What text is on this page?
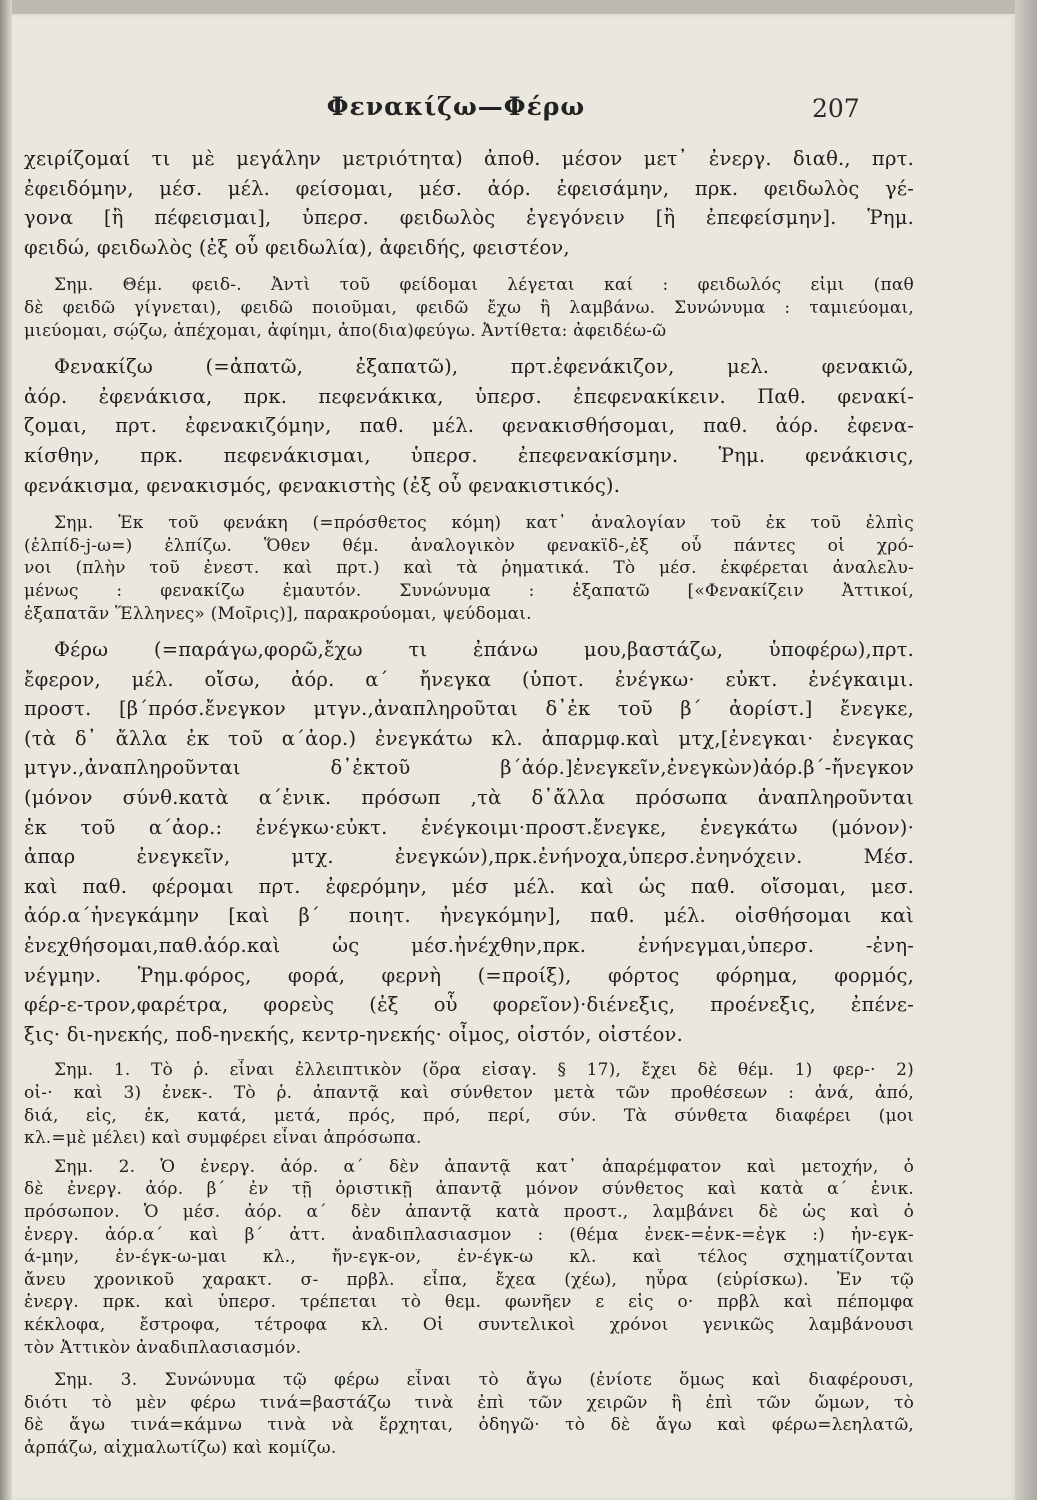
Φενακίζω—Φέρω	207
χειρίζομαί τι μὲ μεγάλην μετριότητα) ἀποθ. μέσον μετ᾽ ἐνεργ. διαθ., πρτ.
ἐφειδόμην, μέσ. μέλ. φείσομαι, μέσ. ἀόρ. ἐφεισάμην, πρκ. φειδωλὸς γέ-
γονα [ἢ πέφεισμαι], ὑπερσ. φειδωλὸς ἐγεγόνειν [ἢ ἐπεφείσμην]. Ῥημ.
φειδώ, φειδωλὸς (ἐξ οὗ φειδωλία), ἀφειδής, φειστέον,
Σημ. Θέμ. φειδ-. Ἀντὶ τοῦ φείδομαι λέγεται καί : φειδωλός εἰμι (παθ
δὲ φειδῶ γίγνεται), φειδῶ ποιοῦμαι, φειδῶ ἔχω ἢ λαμβάνω. Συνώνυμα : ταμιεύομαι,
μιεύομαι, σῴζω, ἀπέχομαι, ἀφίημι, ἀπο(δια)φεύγω. Ἀντίθετα: ἀφειδέω-ῶ
Φενακίζω (=ἀπατῶ, ἐξαπατῶ), πρτ.ἐφενάκιζον, μελ. φενακιῶ,
ἀόρ. ἐφενάκισα, πρκ. πεφενάκικα, ὑπερσ. ἐπεφενακίκειν. Παθ. φενακί-
ζομαι, πρτ. ἐφενακιζόμην, παθ. μέλ. φενακισθήσομαι, παθ. ἀόρ. ἐφενα-
κίσθην, πρκ. πεφενάκισμαι, ὑπερσ. ἐπεφενακίσμην. Ῥημ. φενάκισις,
φενάκισμα, φενακισμός, φενακιστὴς (ἐξ οὗ φενακιστικός).
Σημ. Ἐκ τοῦ φενάκη (=πρόσθετος κόμη) κατ᾽ ἀναλογίαν τοῦ ἐκ τοῦ ἐλπὶς
(ἐλπίδ-j-ω=) ἐλπίζω. Ὅθεν θέμ. ἀναλογικὸν φενακϊδ-,ἐξ οὗ πάντες οἱ χρό-
νοι (πλὴν τοῦ ἐνεστ. καὶ πρτ.) καὶ τὰ ῥηματικά. Τὸ μέσ. ἐκφέρεται ἀναλελυ-
μένως : φενακίζω ἐμαυτόν. Συνώνυμα : ἐξαπατῶ [«Φενακίζειν Ἀττικοί,
ἐξαπατᾶν Ἕλληνες» (Μοῖρις)], παρακρούομαι, ψεύδομαι.
Φέρω (=παράγω,φορῶ,ἔχω τι ἐπάνω μου,βαστάζω, ὑποφέρω),πρτ.
ἔφερον, μέλ. οἴσω, ἀόρ. α´ ἤνεγκα (ὑποτ. ἐνέγκω· εὐκτ. ἐνέγκαιμι.
προστ. [β´πρόσ.ἔνεγκον μτγν.,ἀναπληροῦται δ᾽ἐκ τοῦ β´ ἀορίστ.] ἔνεγκε,
(τὰ δ᾽ ἄλλα ἐκ τοῦ α´ἀορ.) ἐνεγκάτω κλ. ἀπαρμφ.καὶ μτχ,[ἐνεγκαι· ἐνεγκας
μτγν.,ἀναπληροῦνται δ᾽ἐκτοῦ β´ἀόρ.]ἐνεγκεῖν,ἐνεγκὼν)ἀόρ.β´-ἤνεγκον
(μόνον σύνθ.κατὰ α´ἑνικ. πρόσωπ ,τὰ δ᾽ἄλλα πρόσωπα ἀναπληροῦνται
ἐκ τοῦ α´ἀορ.: ἐνέγκω·εὐκτ. ἐνέγκοιμι·προστ.ἔνεγκε, ἐνεγκάτω (μόνον)·
ἀπαρ ἐνεγκεῖν, μτχ. ἐνεγκών),πρκ.ἐνήνοχα,ὑπερσ.ἐνηνόχειν. Μέσ.
καὶ παθ. φέρομαι πρτ. ἐφερόμην, μέσ μέλ. καὶ ὡς παθ. οἴσομαι, μεσ.
ἀόρ.α´ἠνεγκάμην [καὶ β´ ποιητ. ἠνεγκόμην], παθ. μέλ. οἰσθήσομαι καὶ
ἐνεχθήσομαι,παθ.ἀόρ.καὶ ὡς μέσ.ἠνέχθην,πρκ. ἐνήνεγμαι,ὑπερσ. -ἐνη-
νέγμην. Ῥημ.φόρος, φορά, φερνὴ (=προίξ), φόρτος φόρημα, φορμός,
φέρ-ε-τρον,φαρέτρα, φορεὺς (ἐξ οὗ φορεῖον)·διένεξις, προένεξις, ἐπένε-
ξις· δι-ηνεκής, ποδ-ηνεκής, κεντρ-ηνεκής· οἶμος, οἰστόν, οἰστέον.
Σημ. 1. Τὸ ῥ. εἶναι ἐλλειπτικὸν (ὅρα εἰσαγ. § 17), ἔχει δὲ θέμ. 1) φερ-· 2)
οἰ-· καὶ 3) ἐνεκ-. Τὸ ῥ. ἀπαντᾷ καὶ σύνθετον μετὰ τῶν προθέσεων : ἀνά, ἀπό,
διά, εἰς, ἐκ, κατά, μετά, πρός, πρό, περί, σύν. Τὰ σύνθετα διαφέρει (μοι
κλ.=μὲ μέλει) καὶ συμφέρει εἶναι ἀπρόσωπα.
Σημ. 2. Ὁ ἐνεργ. ἀόρ. α´ δὲν ἀπαντᾷ κατ᾽ ἀπαρέμφατον καὶ μετοχήν, ὁ
δὲ ἐνεργ. ἀόρ. β´ ἐν τῇ ὁριστικῇ ἀπαντᾷ μόνον σύνθετος καὶ κατὰ α´ ἑνικ.
πρόσωπον. Ὁ μέσ. ἀόρ. α´ δὲν ἀπαντᾷ κατὰ προστ., λαμβάνει δὲ ὡς καὶ ὁ
ἐνεργ. ἀόρ.α´ καὶ β´ ἀττ. ἀναδιπλασιασμον : (θέμα ἐνεκ-=ἐνκ-=ἐγκ :) ἠν-εγκ-
ά-μην, ἐν-έγκ-ω-μαι κλ., ἤν-εγκ-ον, ἐν-έγκ-ω κλ. καὶ τέλος σχηματίζονται
ἄνευ χρονικοῦ χαρακτ. σ- πρβλ. εἶπα, ἔχεα (χέω), ηὗρα (εὑρίσκω). Ἐν τῷ
ἐνεργ. πρκ. καὶ ὑπερσ. τρέπεται τὸ θεμ. φωνῆεν ε εἰς ο· πρβλ καὶ πέπομφα
κέκλοφα, ἔστροφα, τέτροφα κλ. Οἱ συντελικοὶ χρόνοι γενικῶς λαμβάνουσι
τὸν Ἀττικὸν ἀναδιπλασιασμόν.
Σημ. 3. Συνώνυμα τῷ φέρω εἶναι τὸ ἄγω (ἐνίοτε ὅμως καὶ διαφέρουσι,
διότι τὸ μὲν φέρω τινά=βαστάζω τινὰ ἐπὶ τῶν χειρῶν ἢ ἐπὶ τῶν ὤμων, τὸ
δὲ ἄγω τινά=κάμνω τινὰ νὰ ἔρχηται, ὁδηγῶ· τὸ δὲ ἄγω καὶ φέρω=λεηλατῶ,
ἁρπάζω, αἰχμαλωτίζω) καὶ κομίζω.
